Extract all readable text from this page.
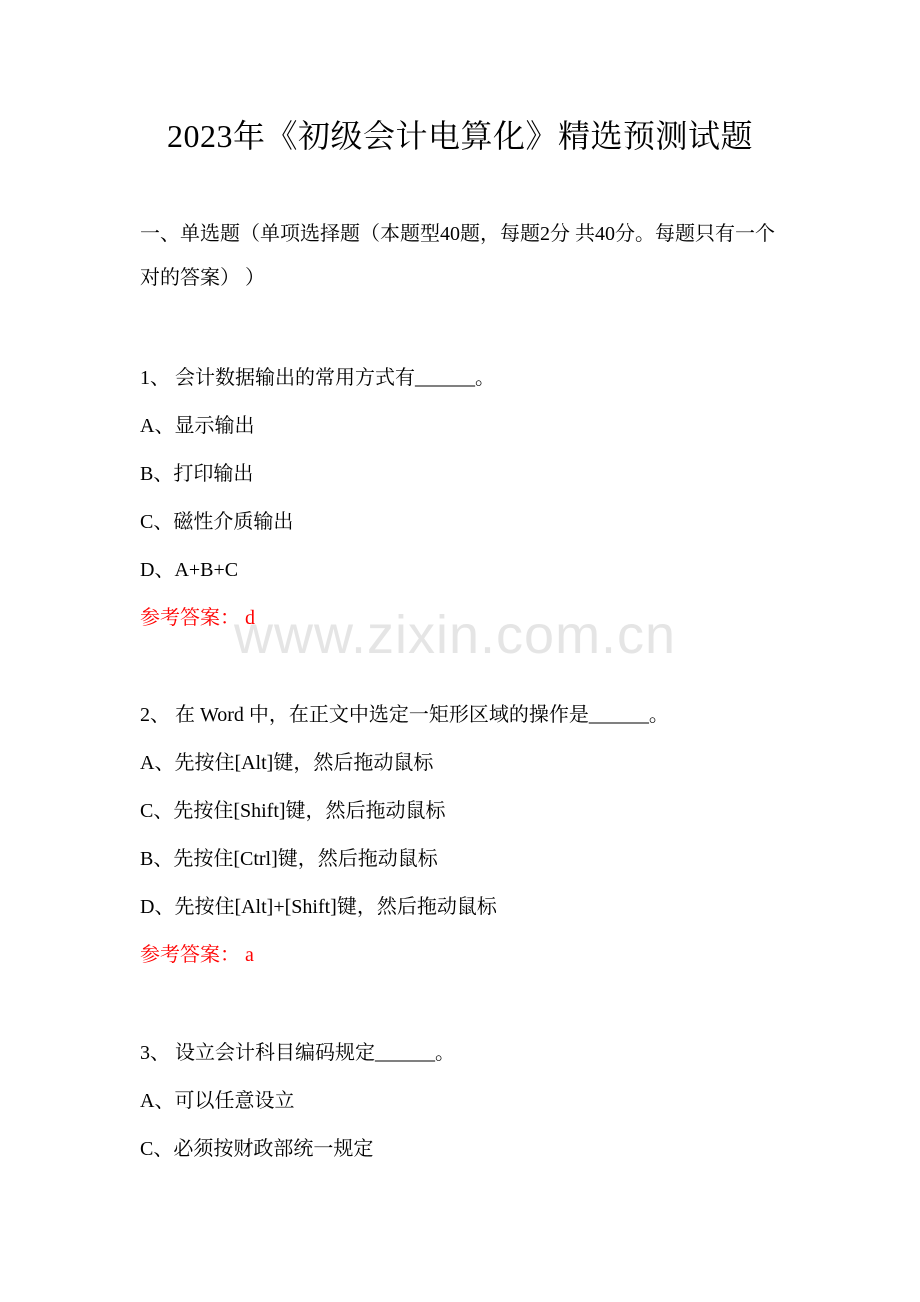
2023年《初级会计电算化》精选预测试题
一、单选题（单项选择题（本题型40题，每题2分 共40分。每题只有一个对的答案） ）
1、 会计数据输出的常用方式有______。
A、显示输出
B、打印输出
C、磁性介质输出
D、A+B+C
参考答案： d
2、 在 Word 中，在正文中选定一矩形区域的操作是______。
A、先按住[Alt]键，然后拖动鼠标
C、先按住[Shift]键，然后拖动鼠标
B、先按住[Ctrl]键，然后拖动鼠标
D、先按住[Alt]+[Shift]键，然后拖动鼠标
参考答案： a
3、 设立会计科目编码规定______。
A、可以任意设立
C、必须按财政部统一规定
www.zixin.com.cn
